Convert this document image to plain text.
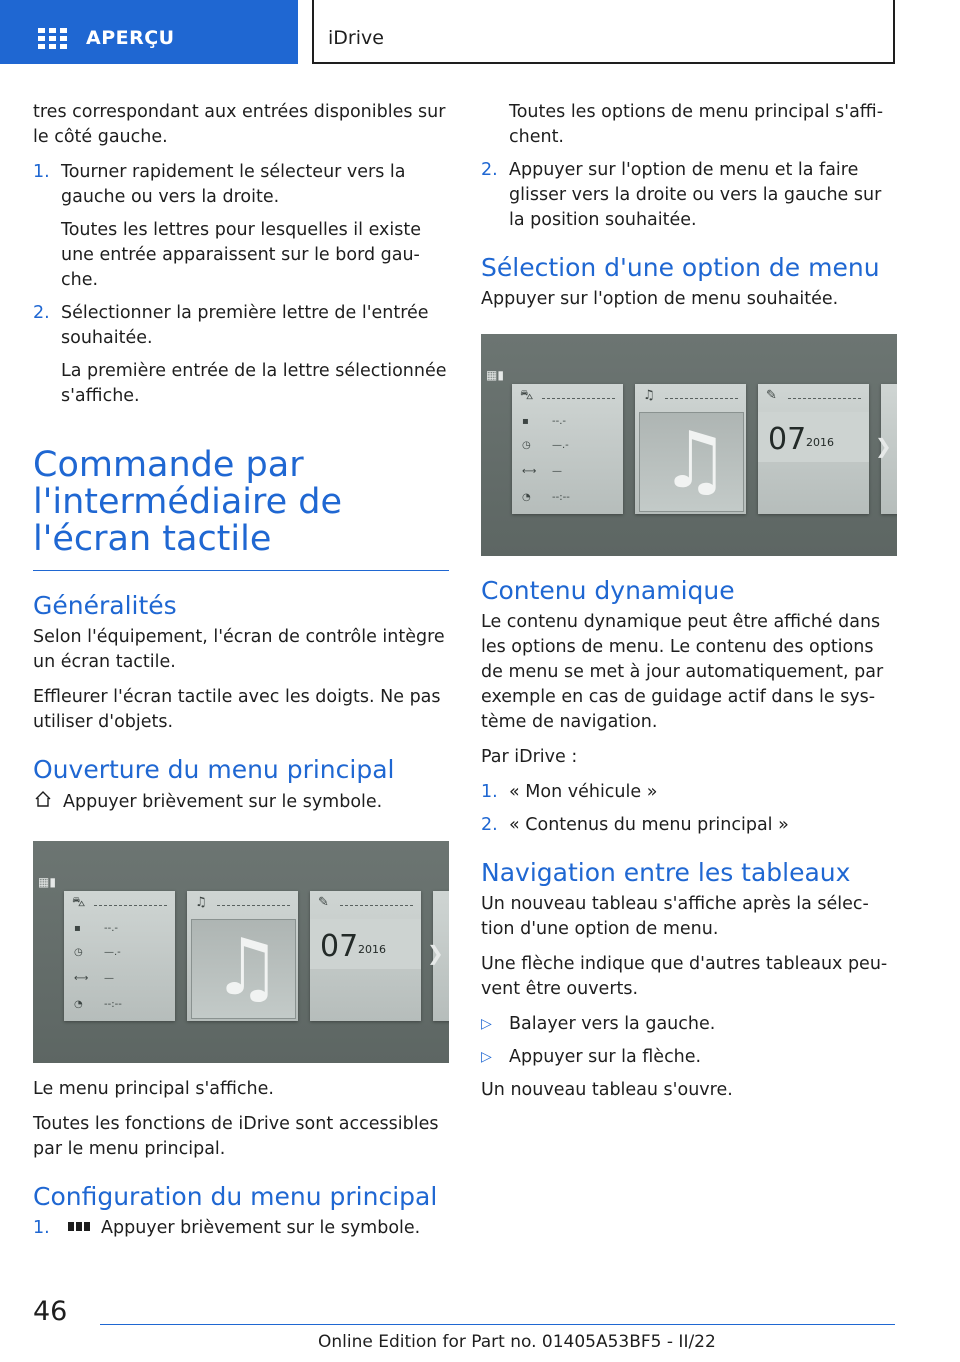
APERÇU	iDrive

tres correspondant aux entrées disponibles sur le côté gauche.

1. Tourner rapidement le sélecteur vers la gauche ou vers la droite.

Toutes les lettres pour lesquelles il existe une entrée apparaissent sur le bord gau‐che.

2. Sélectionner la première lettre de l'entrée souhaitée.

La première entrée de la lettre sélectionnée s'affiche.

Commande par l'intermédiaire de l'écran tactile
Généralités

Selon l'équipement, l'écran de contrôle intègre un écran tactile.

Effleurer l'écran tactile avec les doigts. Ne pas utiliser d'objets.

Ouverture du menu principal

Appuyer brièvement sur le symbole.

▦▮
⛍
▪ --.-
◷ —.-
⟷ —
◔ --:--
♫
♫
✎
07 2016 ❯

Le menu principal s'affiche.

Toutes les fonctions de iDrive sont accessibles par le menu principal.

Configuration du menu principal
1.	Appuyer brièvement sur le symbole.

Toutes les options de menu principal s'affi‐chent.

2. Appuyer sur l'option de menu et la faire glisser vers la droite ou vers la gauche sur la position souhaitée.
Sélection d'une option de menu

Appuyer sur l'option de menu souhaitée.

▦▮
⛍
▪ --.-
◷ —.-
⟷ —
◔ --:--
♫
♫
✎
07 2016 ❯
Contenu dynamique

Le contenu dynamique peut être affiché dans les options de menu. Le contenu des options de menu se met à jour automatiquement, par exemple en cas de guidage actif dans le sys‐tème de navigation.

Par iDrive :

1. « Mon véhicule »
2. « Contenus du menu principal »
Navigation entre les tableaux

Un nouveau tableau s'affiche après la sélec‐tion d'une option de menu.

Une flèche indique que d'autres tableaux peu‐vent être ouverts.

▷ Balayer vers la gauche.
▷ Appuyer sur la flèche.

Un nouveau tableau s'ouvre.

46
Online Edition for Part no. 01405A53BF5 - II/22
